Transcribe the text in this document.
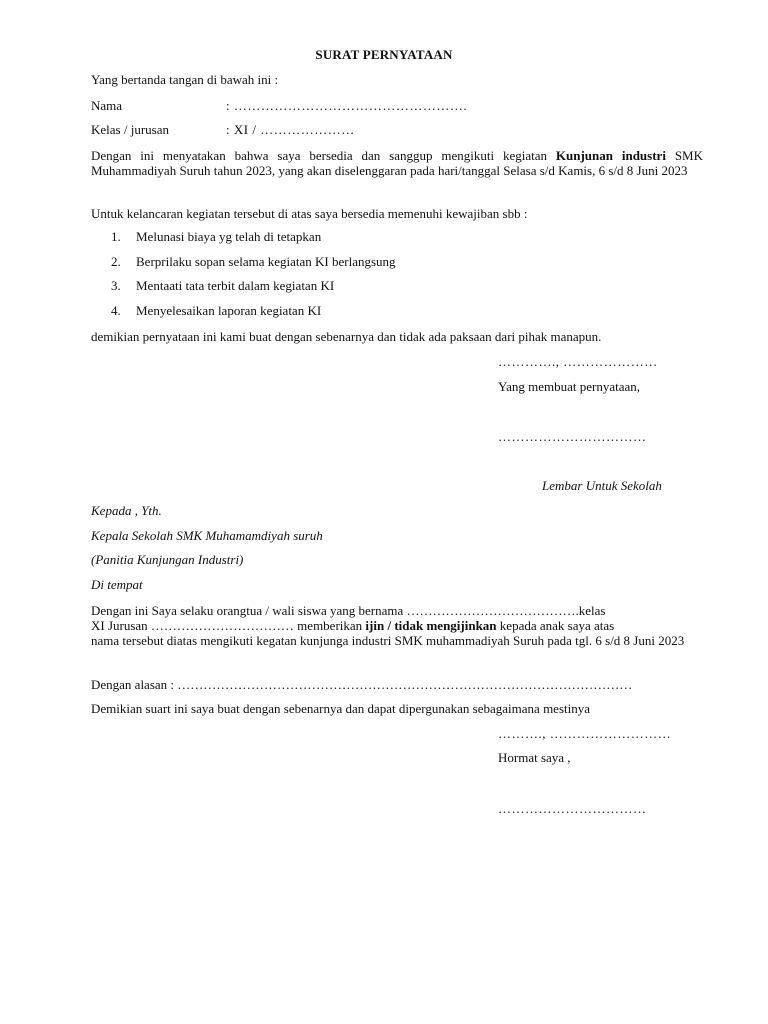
SURAT PERNYATAAN
Yang bertanda tangan di bawah ini :
Nama	: …………………………………………….
Kelas / jurusan	: XI / …………………
Dengan ini menyatakan bahwa saya bersedia dan sanggup mengikuti kegiatan Kunjunan industri SMK Muhammadiyah Suruh tahun 2023, yang akan diselenggaran pada hari/tanggal Selasa s/d Kamis, 6 s/d 8 Juni 2023
Untuk kelancaran kegiatan tersebut di atas saya bersedia memenuhi kewajiban sbb :
1. Melunasi biaya yg telah di tetapkan
2. Berprilaku sopan selama kegiatan KI berlangsung
3. Mentaati tata terbit dalam kegiatan KI
4. Menyelesaikan laporan kegiatan KI
demikian pernyataan ini kami buat dengan sebenarnya dan tidak ada paksaan dari pihak manapun.
…………., …………………
Yang membuat pernyataan,
……………………………
Lembar Untuk Sekolah
Kepada , Yth.
Kepala Sekolah SMK Muhamamdiyah suruh
(Panitia Kunjungan Industri)
Di tempat
Dengan ini Saya selaku orangtua / wali siswa yang bernama ………………………………….kelas
XI Jurusan …………………………… memberikan ijin / tidak mengijinkan kepada anak saya atas
nama tersebut diatas mengikuti kegatan kunjunga industri SMK muhammadiyah Suruh pada tgl. 6 s/d 8 Juni 2023
Dengan alasan : ……………………………………………………………………………………………
Demikian suart ini saya buat dengan sebenarnya dan dapat dipergunakan sebagaimana mestinya
………., ………………………
Hormat saya ,
……………………………
